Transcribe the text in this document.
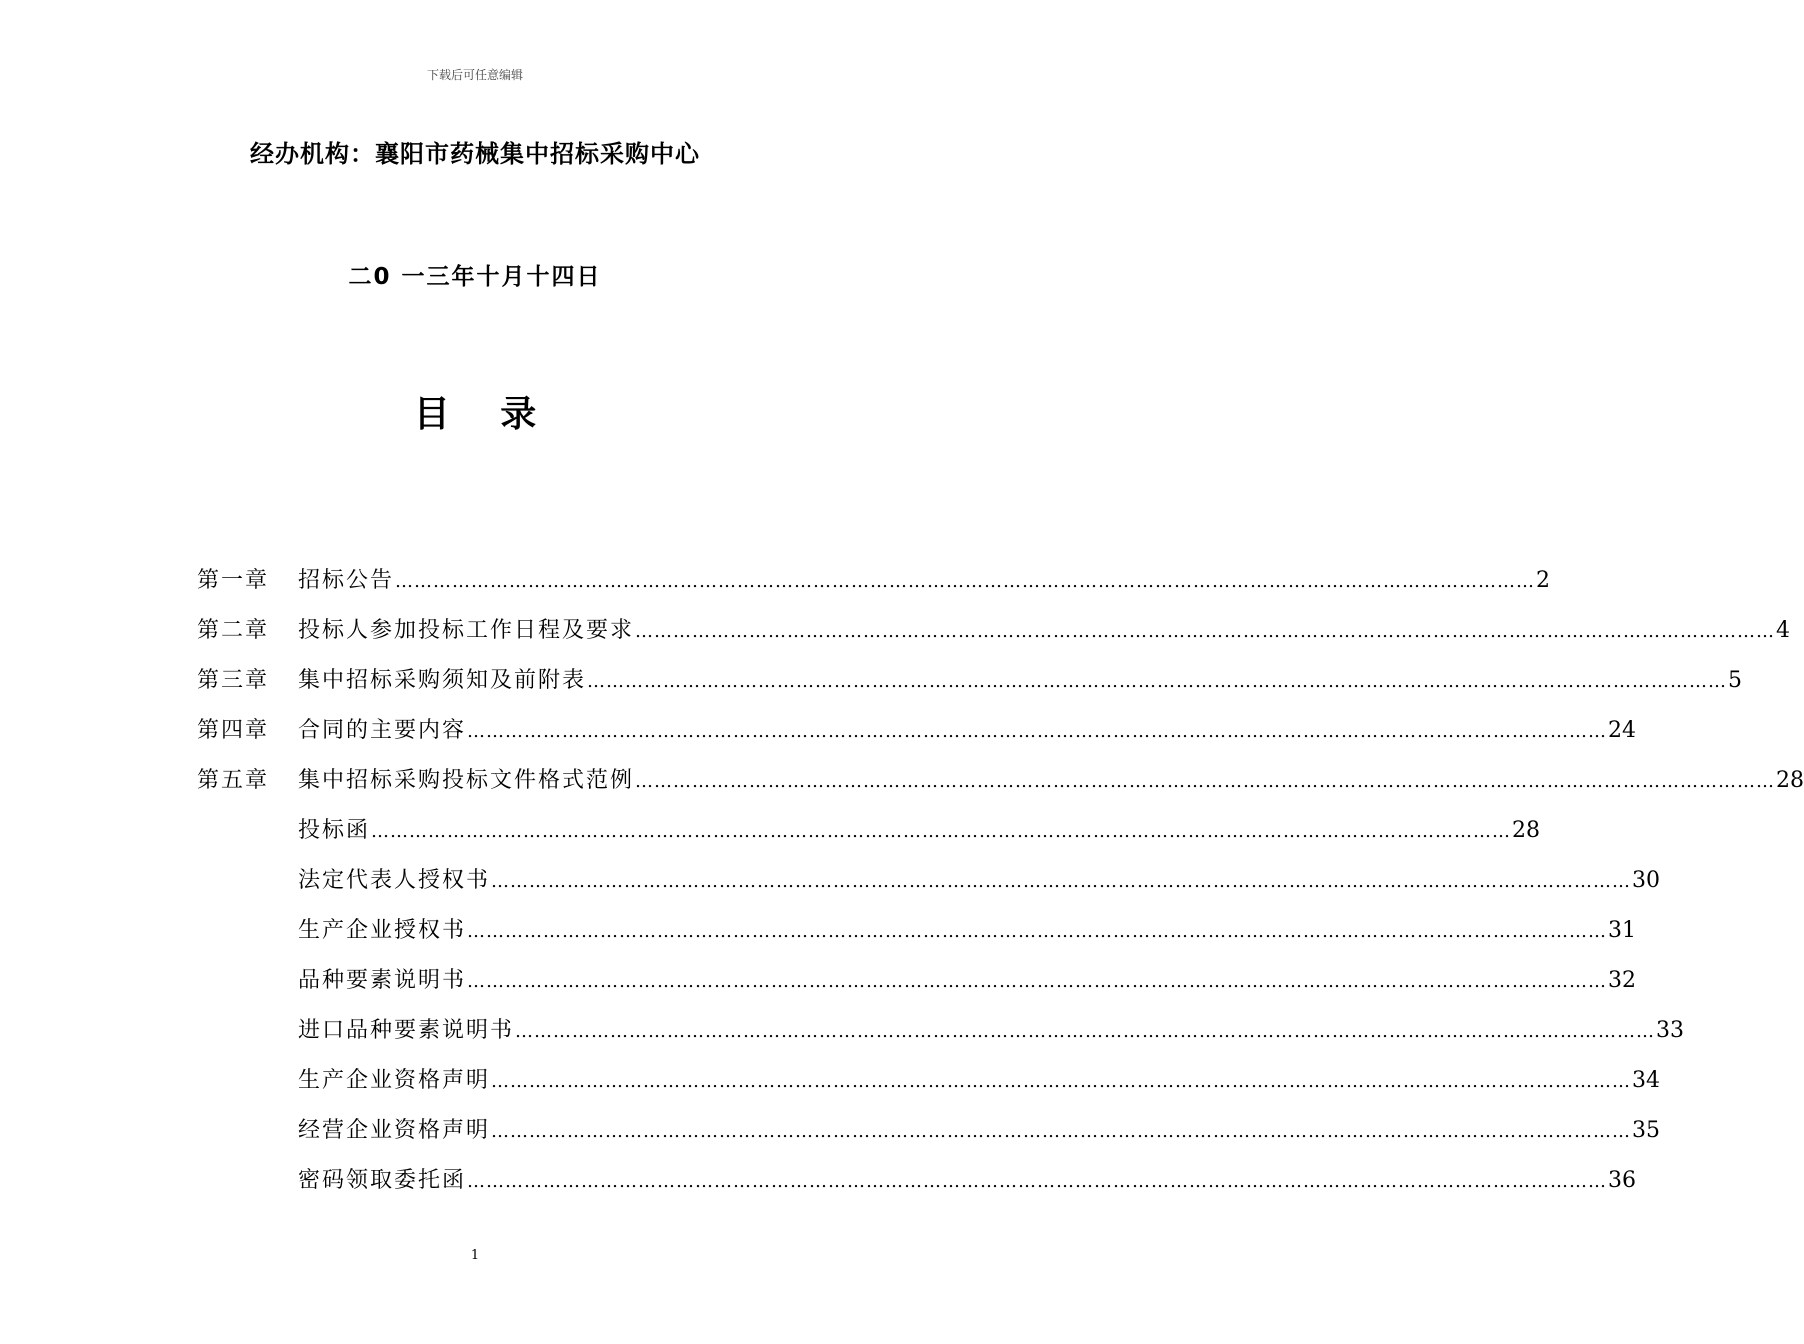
下载后可任意编辑
经办机构：襄阳市药械集中招标采购中心
二0 一三年十月十四日
目 录
第一章 招标公告 ……………………………………………………………………………………………………………………………………………………………… 2
第二章 投标人参加投标工作日程及要求 ……………………………………………………………………………………………………………………………………………………………… 4
第三章 集中招标采购须知及前附表 ……………………………………………………………………………………………………………………………………………………………… 5
第四章 合同的主要内容 ……………………………………………………………………………………………………………………………………………………………… 24
第五章 集中招标采购投标文件格式范例 ……………………………………………………………………………………………………………………………………………………………… 28
投标函 ……………………………………………………………………………………………………………………………………………………………… 28
法定代表人授权书 ……………………………………………………………………………………………………………………………………………………………… 30
生产企业授权书 ……………………………………………………………………………………………………………………………………………………………… 31
品种要素说明书 ……………………………………………………………………………………………………………………………………………………………… 32
进口品种要素说明书 ……………………………………………………………………………………………………………………………………………………………… 33
生产企业资格声明 ……………………………………………………………………………………………………………………………………………………………… 34
经营企业资格声明 ……………………………………………………………………………………………………………………………………………………………… 35
密码领取委托函 ……………………………………………………………………………………………………………………………………………………………… 36
1
